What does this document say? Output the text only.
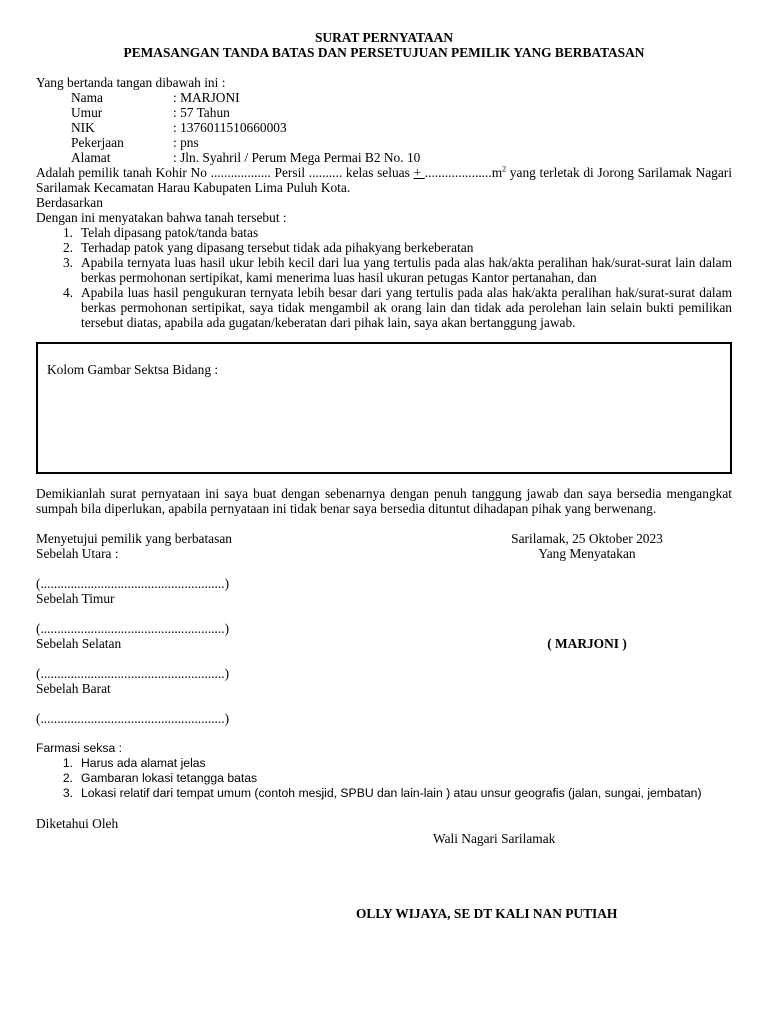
SURAT PERNYATAAN
PEMASANGAN TANDA BATAS DAN PERSETUJUAN PEMILIK YANG BERBATASAN

Yang bertanda tangan dibawah ini :

Nama	: MARJONI
Umur	: 57 Tahun
NIK	: 1376011510660003
Pekerjaan	: pns
Alamat	: Jln. Syahril / Perum Mega Permai B2 No. 10

Adalah pemilik tanah Kohir No .................. Persil .......... kelas seluas + $....................m^2$ yang terletak di Jorong Sarilamak Nagari Sarilamak Kecamatan Harau Kabupaten Lima Puluh Kota.

Berdasarkan

Dengan ini menyatakan bahwa tanah tersebut :

1. Telah dipasang patok/tanda batas
2. Terhadap patok yang dipasang tersebut tidak ada pihakyang berkeberatan
3. Apabila ternyata luas hasil ukur lebih kecil dari lua yang tertulis pada alas hak/akta peralihan hak/surat-surat lain dalam berkas permohonan sertipikat, kami menerima luas hasil ukuran petugas Kantor pertanahan, dan
4. Apabila luas hasil pengukuran ternyata lebih besar dari yang tertulis pada alas hak/akta peralihan hak/surat-surat dalam berkas permohonan sertipikat, saya tidak mengambil ak orang lain dan tidak ada perolehan lain selain bukti pemilikan tersebut diatas, apabila ada gugatan/keberatan dari pihak lain, saya akan bertanggung jawab.
Kolom Gambar Sektsa Bidang :

Demikianlah surat pernyataan ini saya buat dengan sebenarnya dengan penuh tanggung jawab dan saya bersedia mengangkat sumpah bila diperlukan, apabila pernyataan ini tidak benar saya bersedia dituntut dihadapan pihak yang berwenang.

Menyetujui pemilik yang berbatasan
Sebelah Utara :
(.......................................................)
Sebelah Timur
(.......................................................)
Sebelah Selatan
(.......................................................)
Sebelah Barat
(.......................................................)
Sarilamak, 25 Oktober 2023
Yang Menyatakan
( MARJONI )
Farmasi seksa :
1. Harus ada alamat jelas
2. Gambaran lokasi tetangga batas
3. Lokasi relatif dari tempat umum (contoh mesjid, SPBU dan lain-lain ) atau unsur geografis (jalan, sungai, jembatan)
Diketahui Oleh
Wali Nagari Sarilamak
OLLY WIJAYA, SE DT KALI NAN PUTIAH
